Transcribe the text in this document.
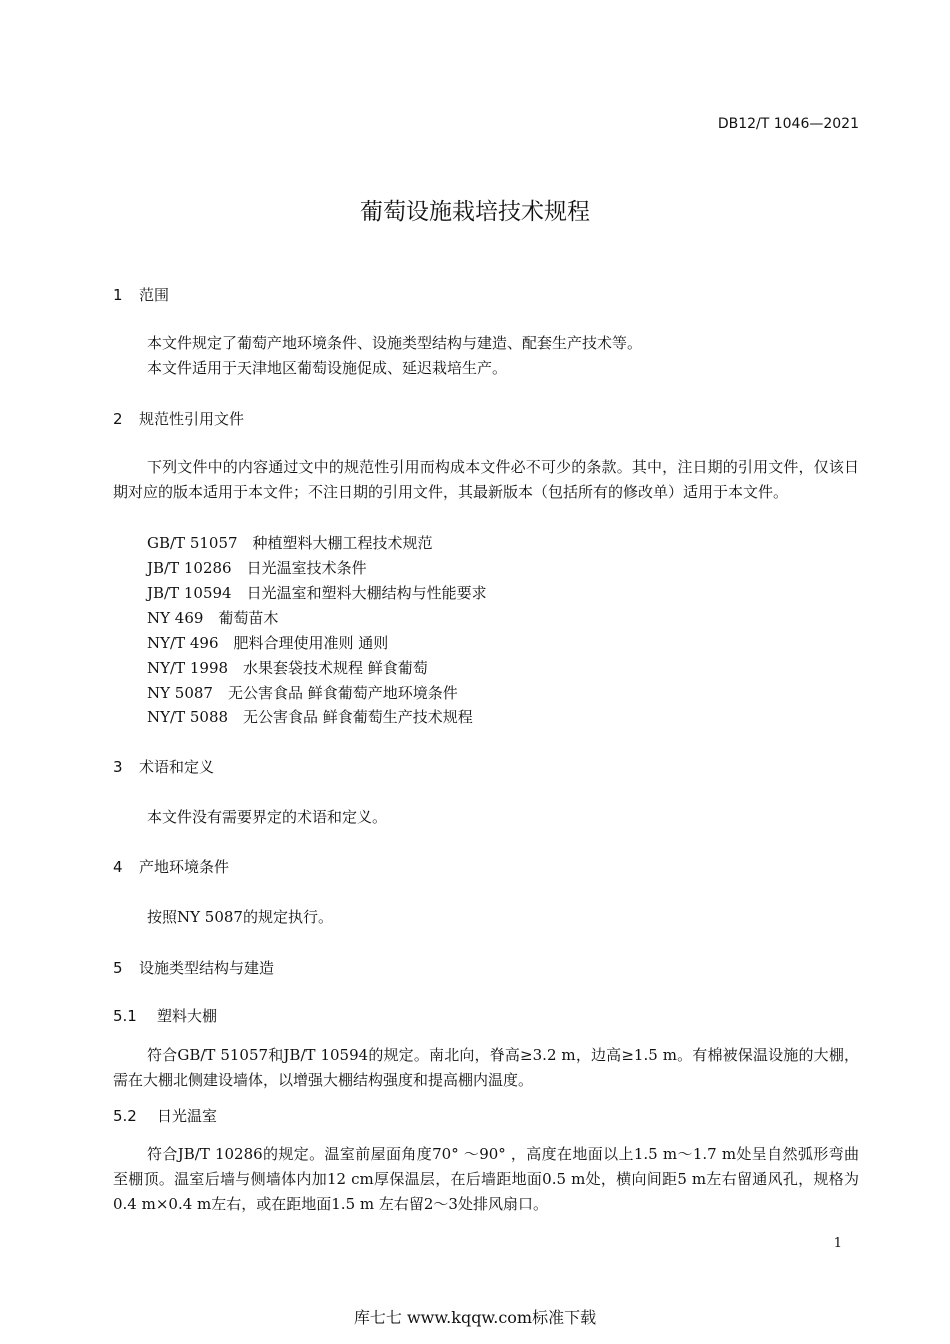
DB12/T 1046—2021
葡萄设施栽培技术规程
1 范围
本文件规定了葡萄产地环境条件、设施类型结构与建造、配套生产技术等。
本文件适用于天津地区葡萄设施促成、延迟栽培生产。
2 规范性引用文件
下列文件中的内容通过文中的规范性引用而构成本文件必不可少的条款。其中，注日期的引用文件，仅该日期对应的版本适用于本文件；不注日期的引用文件，其最新版本（包括所有的修改单）适用于本文件。
GB/T 51057　种植塑料大棚工程技术规范
JB/T 10286　日光温室技术条件
JB/T 10594　日光温室和塑料大棚结构与性能要求
NY 469　葡萄苗木
NY/T 496　肥料合理使用准则 通则
NY/T 1998　水果套袋技术规程 鲜食葡萄
NY 5087　无公害食品 鲜食葡萄产地环境条件
NY/T 5088　无公害食品 鲜食葡萄生产技术规程
3 术语和定义
本文件没有需要界定的术语和定义。
4 产地环境条件
按照NY 5087的规定执行。
5 设施类型结构与建造
5.1 塑料大棚
符合GB/T 51057和JB/T 10594的规定。南北向，脊高≥3.2 m，边高≥1.5 m。有棉被保温设施的大棚，需在大棚北侧建设墙体，以增强大棚结构强度和提高棚内温度。
5.2 日光温室
符合JB/T 10286的规定。温室前屋面角度70° ～90° ，高度在地面以上1.5 m～1.7 m处呈自然弧形弯曲至棚顶。温室后墙与侧墙体内加12 cm厚保温层，在后墙距地面0.5 m处，横向间距5 m左右留通风孔，规格为0.4 m×0.4 m左右，或在距地面1.5 m 左右留2～3处排风扇口。
1
库七七 www.kqqw.com标准下载
